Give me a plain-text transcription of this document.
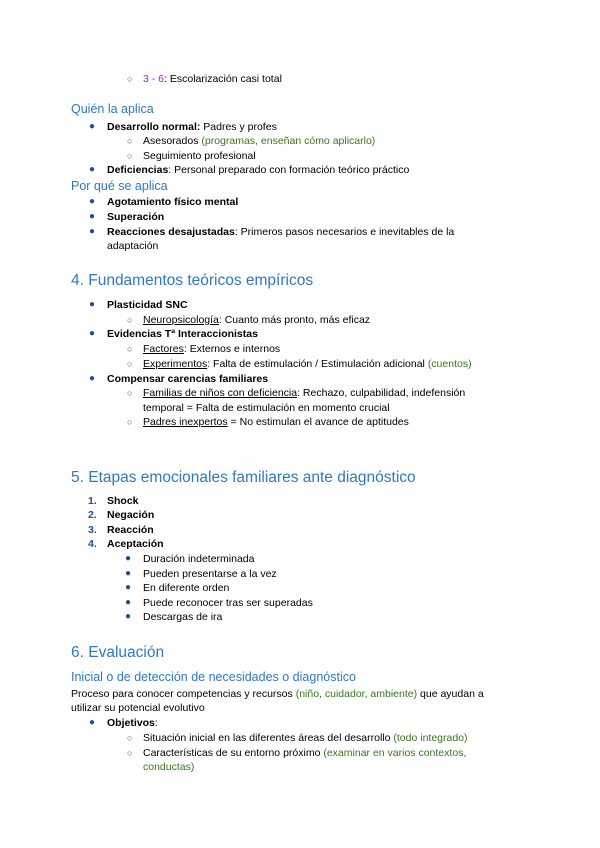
○ 3 - 6: Escolarización casi total
Quién la aplica
● Desarrollo normal: Padres y profes
○ Asesorados (programas, enseñan cómo aplicarlo)
○ Seguimiento profesional
● Deficiencias: Personal preparado con formación teórico práctico
Por qué se aplica
● Agotamiento físico mental
● Superación
● Reacciones desajustadas: Primeros pasos necesarios e inevitables de la
adaptación
4. Fundamentos teóricos empíricos
● Plasticidad SNC
○ Neuropsicología: Cuanto más pronto, más eficaz
● Evidencias Tª Interaccionistas
○ Factores: Externos e internos
○ Experimentos: Falta de estimulación / Estimulación adicional (cuentos)
● Compensar carencias familiares
○ Familias de niños con deficiencia: Rechazo, culpabilidad, indefensión
temporal = Falta de estimulación en momento crucial
○ Padres inexpertos = No estimulan el avance de aptitudes
5. Etapas emocionales familiares ante diagnóstico
1. Shock
2. Negación
3. Reacción
4. Aceptación
● Duración indeterminada
● Pueden presentarse a la vez
● En diferente orden
● Puede reconocer tras ser superadas
● Descargas de ira
6. Evaluación
Inicial o de detección de necesidades o diagnóstico
Proceso para conocer competencias y recursos (niño, cuidador, ambiente) que ayudan a
utilizar su potencial evolutivo
● Objetivos:
○ Situación inicial en las diferentes áreas del desarrollo (todo integrado)
○ Características de su entorno próximo (examinar en varios contextos,
conductas)
